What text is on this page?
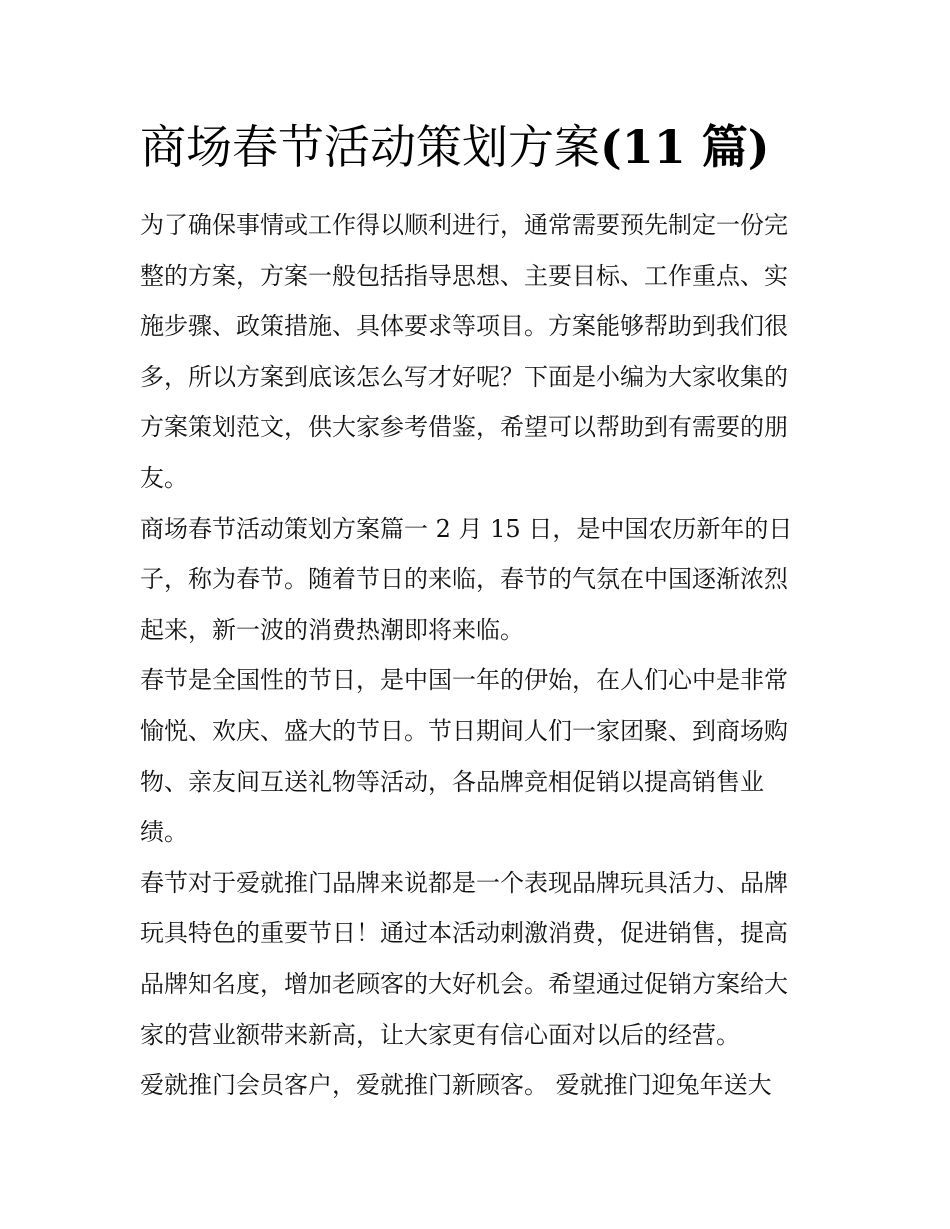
商场春节活动策划方案(11 篇)
为了确保事情或工作得以顺利进行，通常需要预先制定一份完
整的方案，方案一般包括指导思想、主要目标、工作重点、实
施步骤、政策措施、具体要求等项目。方案能够帮助到我们很
多，所以方案到底该怎么写才好呢？下面是小编为大家收集的
方案策划范文，供大家参考借鉴，希望可以帮助到有需要的朋
友。
商场春节活动策划方案篇一 2 月 15 日，是中国农历新年的日
子，称为春节。随着节日的来临，春节的气氛在中国逐渐浓烈
起来，新一波的消费热潮即将来临。
春节是全国性的节日，是中国一年的伊始，在人们心中是非常
愉悦、欢庆、盛大的节日。节日期间人们一家团聚、到商场购
物、亲友间互送礼物等活动，各品牌竞相促销以提高销售业
绩。
春节对于爱就推门品牌来说都是一个表现品牌玩具活力、品牌
玩具特色的重要节日！通过本活动刺激消费，促进销售，提高
品牌知名度，增加老顾客的大好机会。希望通过促销方案给大
家的营业额带来新高，让大家更有信心面对以后的经营。
爱就推门会员客户，爱就推门新顾客。 爱就推门迎兔年送大
